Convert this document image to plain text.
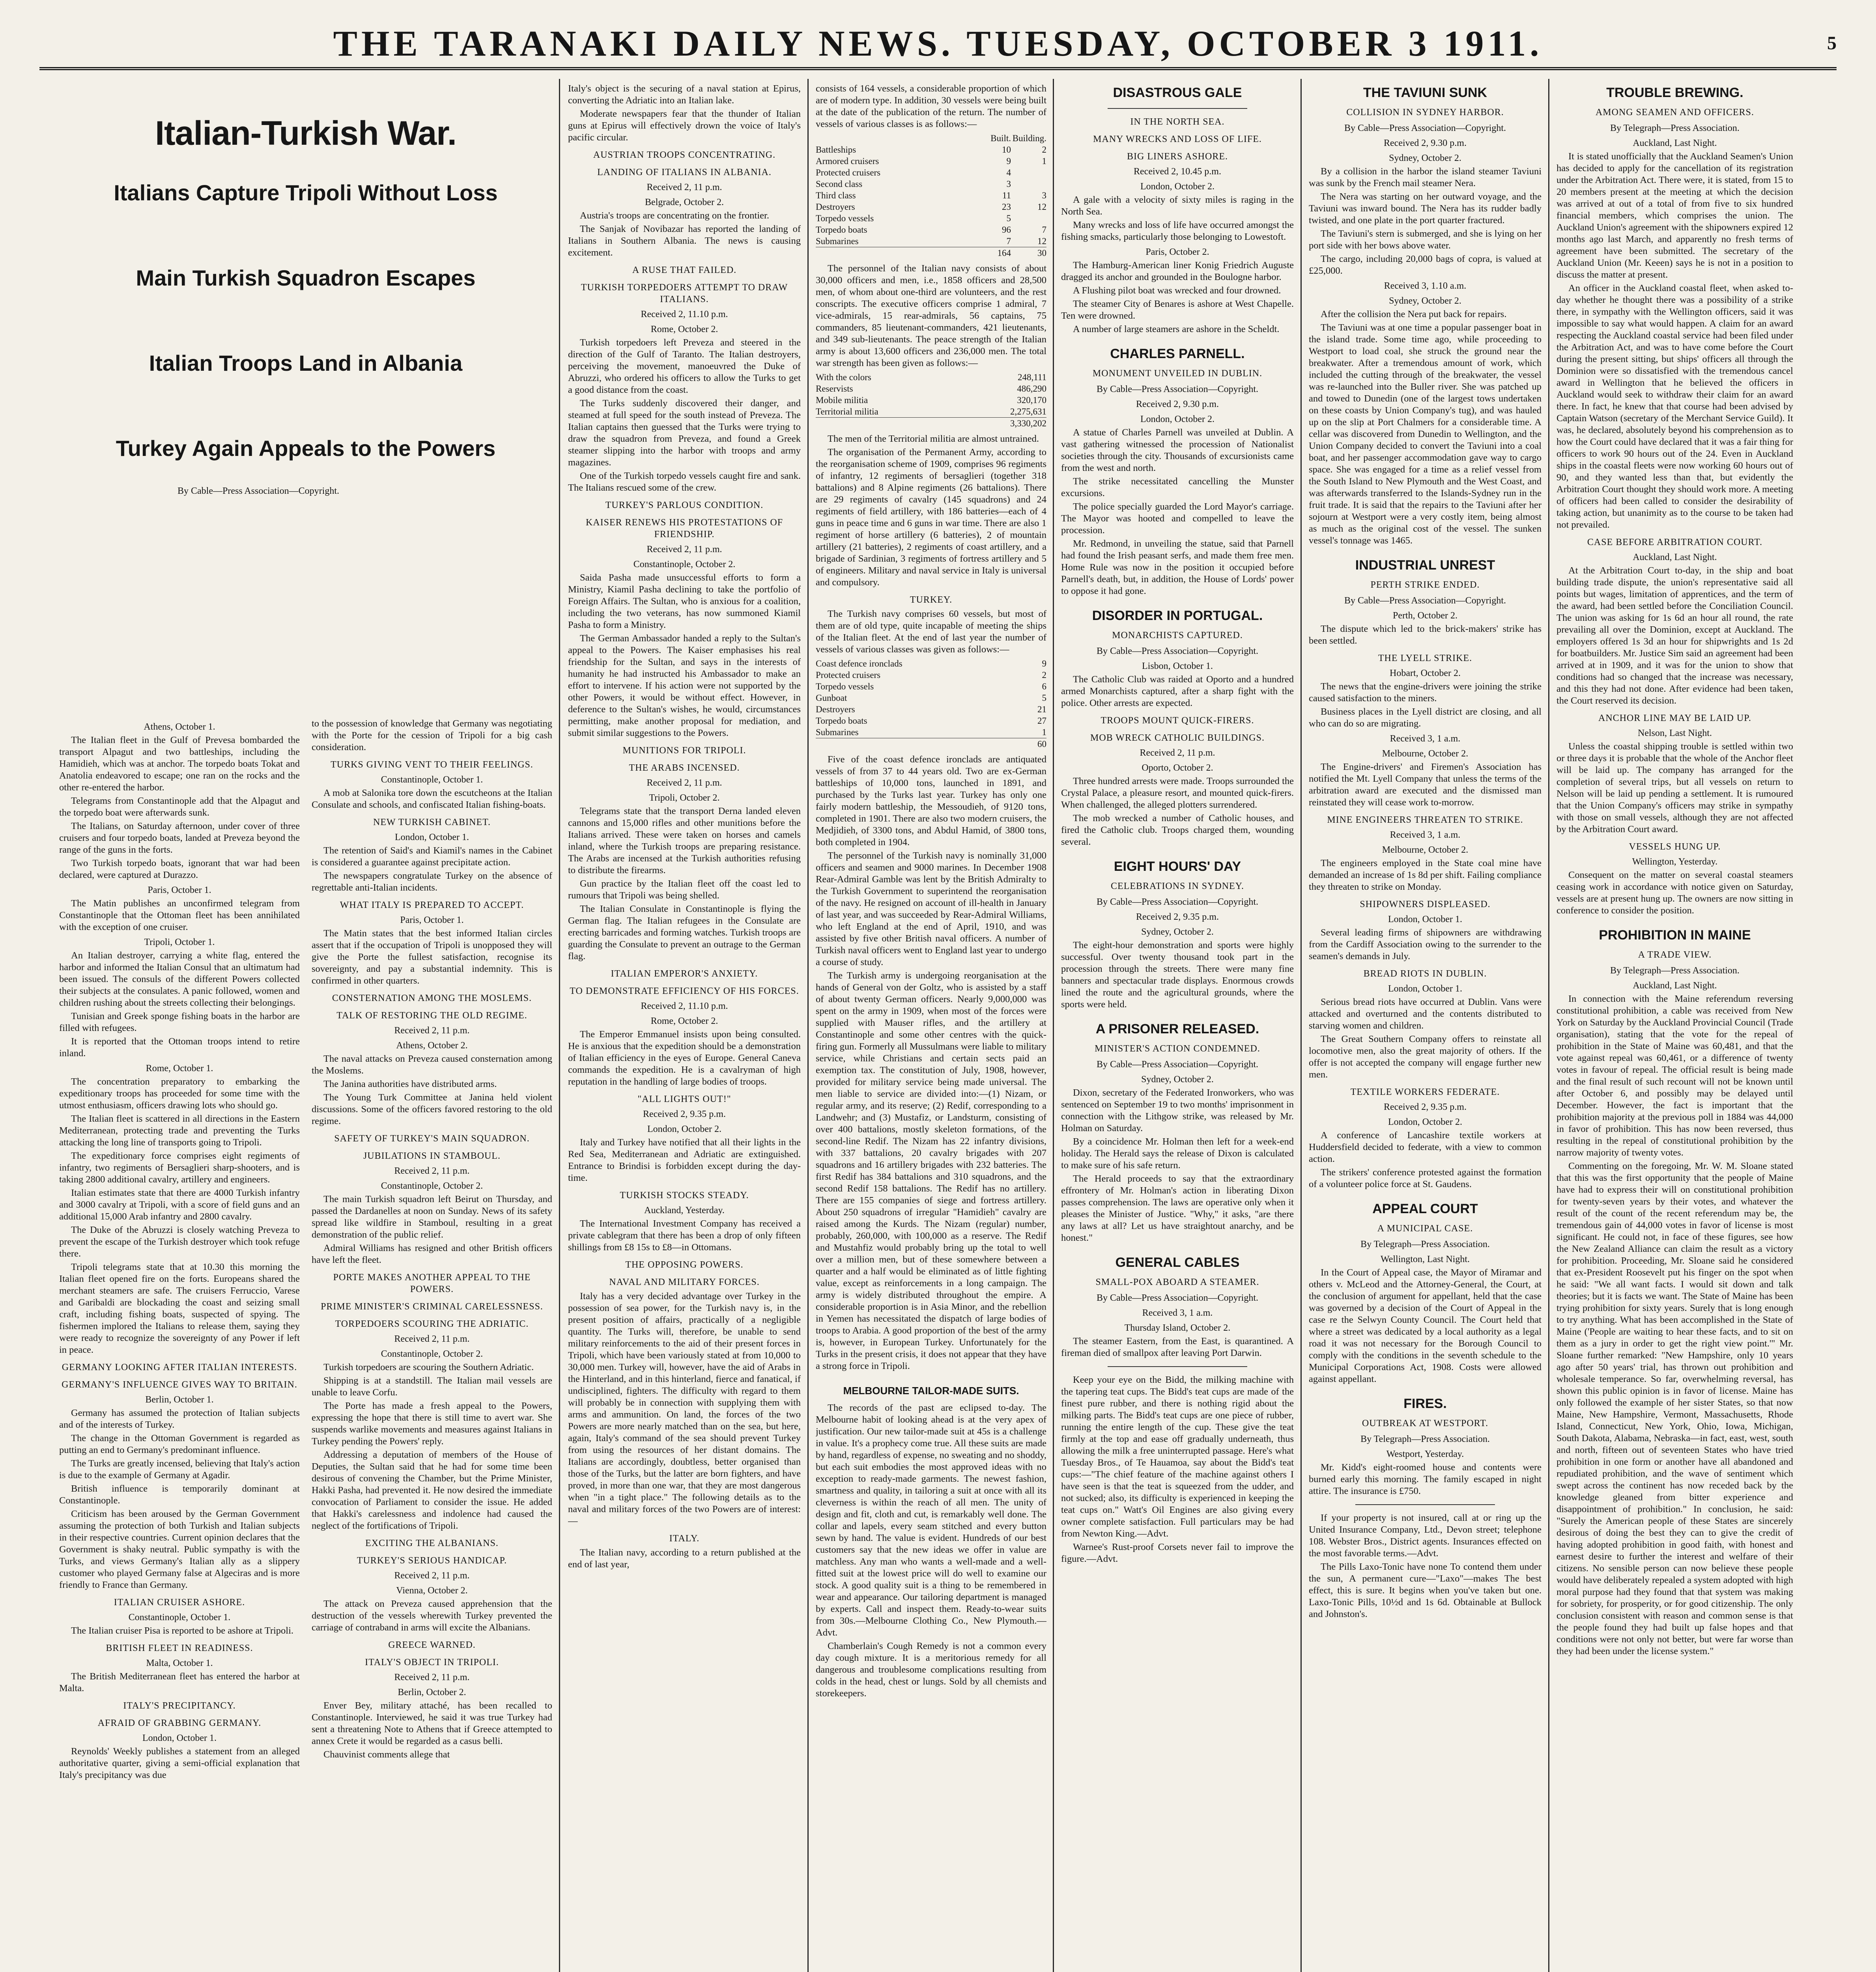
THE TARANAKI DAILY NEWS. TUESDAY, OCTOBER 3 1911.	5
Italian-Turkish War.
Italians Capture Tripoli Without Loss
Main Turkish Squadron Escapes
Italian Troops Land in Albania
Turkey Again Appeals to the Powers
By Cable—Press Association—Copyright.

Athens, October 1.

The Italian fleet in the Gulf of Prevesa bombarded the transport Alpagut and two battleships, including the Hamidieh, which was at anchor. The torpedo boats Tokat and Anatolia endeavored to escape; one ran on the rocks and the other re-entered the harbor.

Telegrams from Constantinople add that the Alpagut and the torpedo boat were afterwards sunk.

The Italians, on Saturday afternoon, under cover of three cruisers and four torpedo boats, landed at Preveza beyond the range of the guns in the forts.

Two Turkish torpedo boats, ignorant that war had been declared, were captured at Durazzo.

Paris, October 1.

The Matin publishes an unconfirmed telegram from Constantinople that the Ottoman fleet has been annihilated with the exception of one cruiser.

Tripoli, October 1.

An Italian destroyer, carrying a white flag, entered the harbor and informed the Italian Consul that an ultimatum had been issued. The consuls of the different Powers collected their subjects at the consulates. A panic followed, women and children rushing about the streets collecting their belongings.

Tunisian and Greek sponge fishing boats in the harbor are filled with refugees.

It is reported that the Ottoman troops intend to retire inland.

Rome, October 1.

The concentration preparatory to embarking the expeditionary troops has proceeded for some time with the utmost enthusiasm, officers drawing lots who should go.

The Italian fleet is scattered in all directions in the Eastern Mediterranean, protecting trade and preventing the Turks attacking the long line of transports going to Tripoli.

The expeditionary force comprises eight regiments of infantry, two regiments of Bersaglieri sharp-shooters, and is taking 2800 additional cavalry, artillery and engineers.

Italian estimates state that there are 4000 Turkish infantry and 3000 cavalry at Tripoli, with a score of field guns and an additional 15,000 Arab infantry and 2800 cavalry.

The Duke of the Abruzzi is closely watching Preveza to prevent the escape of the Turkish destroyer which took refuge there.

Tripoli telegrams state that at 10.30 this morning the Italian fleet opened fire on the forts. Europeans shared the merchant steamers are safe. The cruisers Ferruccio, Varese and Garibaldi are blockading the coast and seizing small craft, including fishing boats, suspected of spying. The fishermen implored the Italians to release them, saying they were ready to recognize the sovereignty of any Power if left in peace.

GERMANY LOOKING AFTER ITALIAN INTERESTS.

GERMANY'S INFLUENCE GIVES WAY TO BRITAIN.

Berlin, October 1.

Germany has assumed the protection of Italian subjects and of the interests of Turkey.

The change in the Ottoman Government is regarded as putting an end to Germany's predominant influence.

The Turks are greatly incensed, believing that Italy's action is due to the example of Germany at Agadir.

British influence is temporarily dominant at Constantinople.

Criticism has been aroused by the German Government assuming the protection of both Turkish and Italian subjects in their respective countries. Current opinion declares that the Government is shaky neutral. Public sympathy is with the Turks, and views Germany's Italian ally as a slippery customer who played Germany false at Algeciras and is more friendly to France than Germany.

ITALIAN CRUISER ASHORE.

Constantinople, October 1.

The Italian cruiser Pisa is reported to be ashore at Tripoli.

BRITISH FLEET IN READINESS.

Malta, October 1.

The British Mediterranean fleet has entered the harbor at Malta.

ITALY'S PRECIPITANCY.

AFRAID OF GRABBING GERMANY.

London, October 1.

Reynolds' Weekly publishes a statement from an alleged authoritative quarter, giving a semi-official explanation that Italy's precipitancy was due

to the possession of knowledge that Germany was negotiating with the Porte for the cession of Tripoli for a big cash consideration.

TURKS GIVING VENT TO THEIR FEELINGS.

Constantinople, October 1.

A mob at Salonika tore down the escutcheons at the Italian Consulate and schools, and confiscated Italian fishing-boats.

NEW TURKISH CABINET.

London, October 1.

The retention of Said's and Kiamil's names in the Cabinet is considered a guarantee against precipitate action.

The newspapers congratulate Turkey on the absence of regrettable anti-Italian incidents.

WHAT ITALY IS PREPARED TO ACCEPT.

Paris, October 1.

The Matin states that the best informed Italian circles assert that if the occupation of Tripoli is unopposed they will give the Porte the fullest satisfaction, recognise its sovereignty, and pay a substantial indemnity. This is confirmed in other quarters.

CONSTERNATION AMONG THE MOSLEMS.

TALK OF RESTORING THE OLD REGIME.

Received 2, 11 p.m.

Athens, October 2.

The naval attacks on Preveza caused consternation among the Moslems.

The Janina authorities have distributed arms.

The Young Turk Committee at Janina held violent discussions. Some of the officers favored restoring to the old regime.

SAFETY OF TURKEY'S MAIN SQUADRON.

JUBILATIONS IN STAMBOUL.

Received 2, 11 p.m.

Constantinople, October 2.

The main Turkish squadron left Beirut on Thursday, and passed the Dardanelles at noon on Sunday. News of its safety spread like wildfire in Stamboul, resulting in a great demonstration of the public relief.

Admiral Williams has resigned and other British officers have left the fleet.

PORTE MAKES ANOTHER APPEAL TO THE POWERS.

PRIME MINISTER'S CRIMINAL CARELESSNESS.

TORPEDOERS SCOURING THE ADRIATIC.

Received 2, 11 p.m.

Constantinople, October 2.

Turkish torpedoers are scouring the Southern Adriatic.

Shipping is at a standstill. The Italian mail vessels are unable to leave Corfu.

The Porte has made a fresh appeal to the Powers, expressing the hope that there is still time to avert war. She suspends warlike movements and measures against Italians in Turkey pending the Powers' reply.

Addressing a deputation of members of the House of Deputies, the Sultan said that he had for some time been desirous of convening the Chamber, but the Prime Minister, Hakki Pasha, had prevented it. He now desired the immediate convocation of Parliament to consider the issue. He added that Hakki's carelessness and indolence had caused the neglect of the fortifications of Tripoli.

EXCITING THE ALBANIANS.

TURKEY'S SERIOUS HANDICAP.

Received 2, 11 p.m.

Vienna, October 2.

The attack on Preveza caused apprehension that the destruction of the vessels wherewith Turkey prevented the carriage of contraband in arms will excite the Albanians.

GREECE WARNED.

ITALY'S OBJECT IN TRIPOLI.

Received 2, 11 p.m.

Berlin, October 2.

Enver Bey, military attaché, has been recalled to Constantinople. Interviewed, he said it was true Turkey had sent a threatening Note to Athens that if Greece attempted to annex Crete it would be regarded as a casus belli.

Chauvinist comments allege that

Italy's object is the securing of a naval station at Epirus, converting the Adriatic into an Italian lake.

Moderate newspapers fear that the thunder of Italian guns at Epirus will effectively drown the voice of Italy's pacific circular.

AUSTRIAN TROOPS CONCENTRATING.

LANDING OF ITALIANS IN ALBANIA.

Received 2, 11 p.m.

Belgrade, October 2.

Austria's troops are concentrating on the frontier.

The Sanjak of Novibazar has reported the landing of Italians in Southern Albania. The news is causing excitement.

A RUSE THAT FAILED.

TURKISH TORPEDOERS ATTEMPT TO DRAW ITALIANS.

Received 2, 11.10 p.m.

Rome, October 2.

Turkish torpedoers left Preveza and steered in the direction of the Gulf of Taranto. The Italian destroyers, perceiving the movement, manoeuvred the Duke of Abruzzi, who ordered his officers to allow the Turks to get a good distance from the coast.

The Turks suddenly discovered their danger, and steamed at full speed for the south instead of Preveza. The Italian captains then guessed that the Turks were trying to draw the squadron from Preveza, and found a Greek steamer slipping into the harbor with troops and army magazines.

One of the Turkish torpedo vessels caught fire and sank. The Italians rescued some of the crew.

TURKEY'S PARLOUS CONDITION.

KAISER RENEWS HIS PROTESTATIONS OF FRIENDSHIP.

Received 2, 11 p.m.

Constantinople, October 2.

Saida Pasha made unsuccessful efforts to form a Ministry, Kiamil Pasha declining to take the portfolio of Foreign Affairs. The Sultan, who is anxious for a coalition, including the two veterans, has now summoned Kiamil Pasha to form a Ministry.

The German Ambassador handed a reply to the Sultan's appeal to the Powers. The Kaiser emphasises his real friendship for the Sultan, and says in the interests of humanity he had instructed his Ambassador to make an effort to intervene. If his action were not supported by the other Powers, it would be without effect. However, in deference to the Sultan's wishes, he would, circumstances permitting, make another proposal for mediation, and submit similar suggestions to the Powers.

MUNITIONS FOR TRIPOLI.

THE ARABS INCENSED.

Received 2, 11 p.m.

Tripoli, October 2.

Telegrams state that the transport Derna landed eleven cannons and 15,000 rifles and other munitions before the Italians arrived. These were taken on horses and camels inland, where the Turkish troops are preparing resistance. The Arabs are incensed at the Turkish authorities refusing to distribute the firearms.

Gun practice by the Italian fleet off the coast led to rumours that Tripoli was being shelled.

The Italian Consulate in Constantinople is flying the German flag. The Italian refugees in the Consulate are erecting barricades and forming watches. Turkish troops are guarding the Consulate to prevent an outrage to the German flag.

ITALIAN EMPEROR'S ANXIETY.

TO DEMONSTRATE EFFICIENCY OF HIS FORCES.

Received 2, 11.10 p.m.

Rome, October 2.

The Emperor Emmanuel insists upon being consulted. He is anxious that the expedition should be a demonstration of Italian efficiency in the eyes of Europe. General Caneva commands the expedition. He is a cavalryman of high reputation in the handling of large bodies of troops.

"ALL LIGHTS OUT!"

Received 2, 9.35 p.m.

London, October 2.

Italy and Turkey have notified that all their lights in the Red Sea, Mediterranean and Adriatic are extinguished. Entrance to Brindisi is forbidden except during the day-time.

TURKISH STOCKS STEADY.

Auckland, Yesterday.

The International Investment Company has received a private cablegram that there has been a drop of only fifteen shillings from £8 15s to £8—in Ottomans.

THE OPPOSING POWERS.

NAVAL AND MILITARY FORCES.

Italy has a very decided advantage over Turkey in the possession of sea power, for the Turkish navy is, in the present position of affairs, practically of a negligible quantity. The Turks will, therefore, be unable to send military reinforcements to the aid of their present forces in Tripoli, which have been variously stated at from 10,000 to 30,000 men. Turkey will, however, have the aid of Arabs in the Hinterland, and in this hinterland, fierce and fanatical, if undisciplined, fighters. The difficulty with regard to them will probably be in connection with supplying them with arms and ammunition. On land, the forces of the two Powers are more nearly matched than on the sea, but here, again, Italy's command of the sea should prevent Turkey from using the resources of her distant domains. The Italians are accordingly, doubtless, better organised than those of the Turks, but the latter are born fighters, and have proved, in more than one war, that they are most dangerous when "in a tight place." The following details as to the naval and military forces of the two Powers are of interest:—

ITALY.

The Italian navy, according to a return published at the end of last year,

consists of 164 vessels, a considerable proportion of which are of modern type. In addition, 30 vessels were being built at the date of the publication of the return. The number of vessels of various classes is as follows:—

	Built.	Building.
Battleships	10	2
Armored cruisers	9	1
Protected cruisers	4	
Second class	3	
Third class	11	3
Destroyers	23	12
Torpedo vessels	5	
Torpedo boats	96	7
Submarines	7	12
	164	30

The personnel of the Italian navy consists of about 30,000 officers and men, i.e., 1858 officers and 28,500 men, of whom about one-third are volunteers, and the rest conscripts. The executive officers comprise 1 admiral, 7 vice-admirals, 15 rear-admirals, 56 captains, 75 commanders, 85 lieutenant-commanders, 421 lieutenants, and 349 sub-lieutenants. The peace strength of the Italian army is about 13,600 officers and 236,000 men. The total war strength has been given as follows:—

With the colors	248,111
Reservists	486,290
Mobile militia	320,170
Territorial militia	2,275,631
	3,330,202

The men of the Territorial militia are almost untrained.

The organisation of the Permanent Army, according to the reorganisation scheme of 1909, comprises 96 regiments of infantry, 12 regiments of bersaglieri (together 318 battalions) and 8 Alpine regiments (26 battalions). There are 29 regiments of cavalry (145 squadrons) and 24 regiments of field artillery, with 186 batteries—each of 4 guns in peace time and 6 guns in war time. There are also 1 regiment of horse artillery (6 batteries), 2 of mountain artillery (21 batteries), 2 regiments of coast artillery, and a brigade of Sardinian, 3 regiments of fortress artillery and 5 of engineers. Military and naval service in Italy is universal and compulsory.

TURKEY.

The Turkish navy comprises 60 vessels, but most of them are of old type, quite incapable of meeting the ships of the Italian fleet. At the end of last year the number of vessels of various classes was given as follows:—

Coast defence ironclads	9
Protected cruisers	2
Torpedo vessels	6
Gunboat	5
Destroyers	21
Torpedo boats	27
Submarines	1
	60

Five of the coast defence ironclads are antiquated vessels of from 37 to 44 years old. Two are ex-German battleships of 10,000 tons, launched in 1891, and purchased by the Turks last year. Turkey has only one fairly modern battleship, the Messoudieh, of 9120 tons, completed in 1901. There are also two modern cruisers, the Medjidieh, of 3300 tons, and Abdul Hamid, of 3800 tons, both completed in 1904.

The personnel of the Turkish navy is nominally 31,000 officers and seamen and 9000 marines. In December 1908 Rear-Admiral Gamble was lent by the British Admiralty to the Turkish Government to superintend the reorganisation of the navy. He resigned on account of ill-health in January of last year, and was succeeded by Rear-Admiral Williams, who left England at the end of April, 1910, and was assisted by five other British naval officers. A number of Turkish naval officers went to England last year to undergo a course of study.

The Turkish army is undergoing reorganisation at the hands of General von der Goltz, who is assisted by a staff of about twenty German officers. Nearly 9,000,000 was spent on the army in 1909, when most of the forces were supplied with Mauser rifles, and the artillery at Constantinople and some other centres with the quick-firing gun. Formerly all Mussulmans were liable to military service, while Christians and certain sects paid an exemption tax. The constitution of July, 1908, however, provided for military service being made universal. The men liable to service are divided into:—(1) Nizam, or regular army, and its reserve; (2) Redif, corresponding to a Landwehr; and (3) Mustafiz, or Landsturm, consisting of over 400 battalions, mostly skeleton formations, of the second-line Redif. The Nizam has 22 infantry divisions, with 337 battalions, 20 cavalry brigades with 207 squadrons and 16 artillery brigades with 232 batteries. The first Redif has 384 battalions and 310 squadrons, and the second Redif 158 battalions. The Redif has no artillery. There are 155 companies of siege and fortress artillery. About 250 squadrons of irregular "Hamidieh" cavalry are raised among the Kurds. The Nizam (regular) number, probably, 260,000, with 100,000 as a reserve. The Redif and Mustahfiz would probably bring up the total to well over a million men, but of these somewhere between a quarter and a half would be eliminated as of little fighting value, except as reinforcements in a long campaign. The army is widely distributed throughout the empire. A considerable proportion is in Asia Minor, and the rebellion in Yemen has necessitated the dispatch of large bodies of troops to Arabia. A good proportion of the best of the army is, however, in European Turkey. Unfortunately for the Turks in the present crisis, it does not appear that they have a strong force in Tripoli.

MELBOURNE TAILOR-MADE SUITS.

The records of the past are eclipsed to-day. The Melbourne habit of looking ahead is at the very apex of justification. Our new tailor-made suit at 45s is a challenge in value. It's a prophecy come true. All these suits are made by hand, regardless of expense, no sweating and no shoddy, but each suit embodies the most approved ideas with no exception to ready-made garments. The newest fashion, smartness and quality, in tailoring a suit at once with all its cleverness is within the reach of all men. The unity of design and fit, cloth and cut, is remarkably well done. The collar and lapels, every seam stitched and every button sewn by hand. The value is evident. Hundreds of our best customers say that the new ideas we offer in value are matchless. Any man who wants a well-made and a well-fitted suit at the lowest price will do well to examine our stock. A good quality suit is a thing to be remembered in wear and appearance. Our tailoring department is managed by experts. Call and inspect them. Ready-to-wear suits from 30s.—Melbourne Clothing Co., New Plymouth.—Advt.

Chamberlain's Cough Remedy is not a common every day cough mixture. It is a meritorious remedy for all dangerous and troublesome complications resulting from colds in the head, chest or lungs. Sold by all chemists and storekeepers.

DISASTROUS GALE

IN THE NORTH SEA.

MANY WRECKS AND LOSS OF LIFE.

BIG LINERS ASHORE.

Received 2, 10.45 p.m.

London, October 2.

A gale with a velocity of sixty miles is raging in the North Sea.

Many wrecks and loss of life have occurred amongst the fishing smacks, particularly those belonging to Lowestoft.

Paris, October 2.

The Hamburg-American liner Konig Friedrich Auguste dragged its anchor and grounded in the Boulogne harbor.

A Flushing pilot boat was wrecked and four drowned.

The steamer City of Benares is ashore at West Chapelle. Ten were drowned.

A number of large steamers are ashore in the Scheldt.

CHARLES PARNELL.

MONUMENT UNVEILED IN DUBLIN.

By Cable—Press Association—Copyright.

Received 2, 9.30 p.m.

London, October 2.

A statue of Charles Parnell was unveiled at Dublin. A vast gathering witnessed the procession of Nationalist societies through the city. Thousands of excursionists came from the west and north.

The strike necessitated cancelling the Munster excursions.

The police specially guarded the Lord Mayor's carriage. The Mayor was hooted and compelled to leave the procession.

Mr. Redmond, in unveiling the statue, said that Parnell had found the Irish peasant serfs, and made them free men. Home Rule was now in the position it occupied before Parnell's death, but, in addition, the House of Lords' power to oppose it had gone.

DISORDER IN PORTUGAL.

MONARCHISTS CAPTURED.

By Cable—Press Association—Copyright.

Lisbon, October 1.

The Catholic Club was raided at Oporto and a hundred armed Monarchists captured, after a sharp fight with the police. Other arrests are expected.

TROOPS MOUNT QUICK-FIRERS.

MOB WRECK CATHOLIC BUILDINGS.

Received 2, 11 p.m.

Oporto, October 2.

Three hundred arrests were made. Troops surrounded the Crystal Palace, a pleasure resort, and mounted quick-firers. When challenged, the alleged plotters surrendered.

The mob wrecked a number of Catholic houses, and fired the Catholic club. Troops charged them, wounding several.

EIGHT HOURS' DAY

CELEBRATIONS IN SYDNEY.

By Cable—Press Association—Copyright.

Received 2, 9.35 p.m.

Sydney, October 2.

The eight-hour demonstration and sports were highly successful. Over twenty thousand took part in the procession through the streets. There were many fine banners and spectacular trade displays. Enormous crowds lined the route and the agricultural grounds, where the sports were held.

A PRISONER RELEASED.

MINISTER'S ACTION CONDEMNED.

By Cable—Press Association—Copyright.

Sydney, October 2.

Dixon, secretary of the Federated Ironworkers, who was sentenced on September 19 to two months' imprisonment in connection with the Lithgow strike, was released by Mr. Holman on Saturday.

By a coincidence Mr. Holman then left for a week-end holiday. The Herald says the release of Dixon is calculated to make sure of his safe return.

The Herald proceeds to say that the extraordinary effrontery of Mr. Holman's action in liberating Dixon passes comprehension. The laws are operative only when it pleases the Minister of Justice. "Why," it asks, "are there any laws at all? Let us have straightout anarchy, and be honest."

GENERAL CABLES

SMALL-POX ABOARD A STEAMER.

By Cable—Press Association—Copyright.

Received 3, 1 a.m.

Thursday Island, October 2.

The steamer Eastern, from the East, is quarantined. A fireman died of smallpox after leaving Port Darwin.

Keep your eye on the Bidd, the milking machine with the tapering teat cups. The Bidd's teat cups are made of the finest pure rubber, and there is nothing rigid about the milking parts. The Bidd's teat cups are one piece of rubber, running the entire length of the cup. These give the teat firmly at the top and ease off gradually underneath, thus allowing the milk a free uninterrupted passage. Here's what Tuesday Bros., of Te Hauamoa, say about the Bidd's teat cups:—"The chief feature of the machine against others I have seen is that the teat is squeezed from the udder, and not sucked; also, its difficulty is experienced in keeping the teat cups on." Watt's Oil Engines are also giving every owner complete satisfaction. Full particulars may be had from Newton King.—Advt.

Warnee's Rust-proof Corsets never fail to improve the figure.—Advt.

THE TAVIUNI SUNK

COLLISION IN SYDNEY HARBOR.

By Cable—Press Association—Copyright.

Received 2, 9.30 p.m.

Sydney, October 2.

By a collision in the harbor the island steamer Taviuni was sunk by the French mail steamer Nera.

The Nera was starting on her outward voyage, and the Taviuni was inward bound. The Nera has its rudder badly twisted, and one plate in the port quarter fractured.

The Taviuni's stern is submerged, and she is lying on her port side with her bows above water.

The cargo, including 20,000 bags of copra, is valued at £25,000.

Received 3, 1.10 a.m.

Sydney, October 2.

After the collision the Nera put back for repairs.

The Taviuni was at one time a popular passenger boat in the island trade. Some time ago, while proceeding to Westport to load coal, she struck the ground near the breakwater. After a tremendous amount of work, which included the cutting through of the breakwater, the vessel was re-launched into the Buller river. She was patched up and towed to Dunedin (one of the largest tows undertaken on these coasts by Union Company's tug), and was hauled up on the slip at Port Chalmers for a considerable time. A cellar was discovered from Dunedin to Wellington, and the Union Company decided to convert the Taviuni into a coal boat, and her passenger accommodation gave way to cargo space. She was engaged for a time as a relief vessel from the South Island to New Plymouth and the West Coast, and was afterwards transferred to the Islands-Sydney run in the fruit trade. It is said that the repairs to the Taviuni after her sojourn at Westport were a very costly item, being almost as much as the original cost of the vessel. The sunken vessel's tonnage was 1465.

INDUSTRIAL UNREST

PERTH STRIKE ENDED.

By Cable—Press Association—Copyright.

Perth, October 2.

The dispute which led to the brick-makers' strike has been settled.

THE LYELL STRIKE.

Hobart, October 2.

The news that the engine-drivers were joining the strike caused satisfaction to the miners.

Business places in the Lyell district are closing, and all who can do so are migrating.

Received 3, 1 a.m.

Melbourne, October 2.

The Engine-drivers' and Firemen's Association has notified the Mt. Lyell Company that unless the terms of the arbitration award are executed and the dismissed man reinstated they will cease work to-morrow.

MINE ENGINEERS THREATEN TO STRIKE.

Received 3, 1 a.m.

Melbourne, October 2.

The engineers employed in the State coal mine have demanded an increase of 1s 8d per shift. Failing compliance they threaten to strike on Monday.

SHIPOWNERS DISPLEASED.

London, October 1.

Several leading firms of shipowners are withdrawing from the Cardiff Association owing to the surrender to the seamen's demands in July.

BREAD RIOTS IN DUBLIN.

London, October 1.

Serious bread riots have occurred at Dublin. Vans were attacked and overturned and the contents distributed to starving women and children.

The Great Southern Company offers to reinstate all locomotive men, also the great majority of others. If the offer is not accepted the company will engage further new men.

TEXTILE WORKERS FEDERATE.

Received 2, 9.35 p.m.

London, October 2.

A conference of Lancashire textile workers at Huddersfield decided to federate, with a view to common action.

The strikers' conference protested against the formation of a volunteer police force at St. Gaudens.

APPEAL COURT

A MUNICIPAL CASE.

By Telegraph—Press Association.

Wellington, Last Night.

In the Court of Appeal case, the Mayor of Miramar and others v. McLeod and the Attorney-General, the Court, at the conclusion of argument for appellant, held that the case was governed by a decision of the Court of Appeal in the case re the Selwyn County Council. The Court held that where a street was dedicated by a local authority as a legal road it was not necessary for the Borough Council to comply with the conditions in the seventh schedule to the Municipal Corporations Act, 1908. Costs were allowed against appellant.

FIRES.

OUTBREAK AT WESTPORT.

By Telegraph—Press Association.

Westport, Yesterday.

Mr. Kidd's eight-roomed house and contents were burned early this morning. The family escaped in night attire. The insurance is £750.

If your property is not insured, call at or ring up the United Insurance Company, Ltd., Devon street; telephone 108. Webster Bros., District agents. Insurances effected on the most favorable terms.—Advt.

The Pills Laxo-Tonic have none To contend them under the sun, A permanent cure—"Laxo"—makes The best effect, this is sure. It begins when you've taken but one. Laxo-Tonic Pills, 10½d and 1s 6d. Obtainable at Bullock and Johnston's.

TROUBLE BREWING.

AMONG SEAMEN AND OFFICERS.

By Telegraph—Press Association.

Auckland, Last Night.

It is stated unofficially that the Auckland Seamen's Union has decided to apply for the cancellation of its registration under the Arbitration Act. There were, it is stated, from 15 to 20 members present at the meeting at which the decision was arrived at out of a total of from five to six hundred financial members, which comprises the union. The Auckland Union's agreement with the shipowners expired 12 months ago last March, and apparently no fresh terms of agreement have been submitted. The secretary of the Auckland Union (Mr. Keeen) says he is not in a position to discuss the matter at present.

An officer in the Auckland coastal fleet, when asked to-day whether he thought there was a possibility of a strike there, in sympathy with the Wellington officers, said it was impossible to say what would happen. A claim for an award respecting the Auckland coastal service had been filed under the Arbitration Act, and was to have come before the Court during the present sitting, but ships' officers all through the Dominion were so dissatisfied with the tremendous cancel award in Wellington that he believed the officers in Auckland would seek to withdraw their claim for an award there. In fact, he knew that that course had been advised by Captain Watson (secretary of the Merchant Service Guild). It was, he declared, absolutely beyond his comprehension as to how the Court could have declared that it was a fair thing for officers to work 90 hours out of the 24. Even in Auckland ships in the coastal fleets were now working 60 hours out of 90, and they wanted less than that, but evidently the Arbitration Court thought they should work more. A meeting of officers had been called to consider the desirability of taking action, but unanimity as to the course to be taken had not prevailed.

CASE BEFORE ARBITRATION COURT.

Auckland, Last Night.

At the Arbitration Court to-day, in the ship and boat building trade dispute, the union's representative said all points but wages, limitation of apprentices, and the term of the award, had been settled before the Conciliation Council. The union was asking for 1s 6d an hour all round, the rate prevailing all over the Dominion, except at Auckland. The employers offered 1s 3d an hour for shipwrights and 1s 2d for boatbuilders. Mr. Justice Sim said an agreement had been arrived at in 1909, and it was for the union to show that conditions had so changed that the increase was necessary, and this they had not done. After evidence had been taken, the Court reserved its decision.

ANCHOR LINE MAY BE LAID UP.

Nelson, Last Night.

Unless the coastal shipping trouble is settled within two or three days it is probable that the whole of the Anchor fleet will be laid up. The company has arranged for the completion of several trips, but all vessels on return to Nelson will be laid up pending a settlement. It is rumoured that the Union Company's officers may strike in sympathy with those on small vessels, although they are not affected by the Arbitration Court award.

VESSELS HUNG UP.

Wellington, Yesterday.

Consequent on the matter on several coastal steamers ceasing work in accordance with notice given on Saturday, vessels are at present hung up. The owners are now sitting in conference to consider the position.

PROHIBITION IN MAINE

A TRADE VIEW.

By Telegraph—Press Association.

Auckland, Last Night.

In connection with the Maine referendum reversing constitutional prohibition, a cable was received from New York on Saturday by the Auckland Provincial Council (Trade organisation), stating that the vote for the repeal of prohibition in the State of Maine was 60,481, and that the vote against repeal was 60,461, or a difference of twenty votes in favour of repeal. The official result is being made and the final result of such recount will not be known until after October 6, and possibly may be delayed until December. However, the fact is important that the prohibition majority at the previous poll in 1884 was 44,000 in favor of prohibition. This has now been reversed, thus resulting in the repeal of constitutional prohibition by the narrow majority of twenty votes.

Commenting on the foregoing, Mr. W. M. Sloane stated that this was the first opportunity that the people of Maine have had to express their will on constitutional prohibition for twenty-seven years by their votes, and whatever the result of the count of the recent referendum may be, the tremendous gain of 44,000 votes in favor of license is most significant. He could not, in face of these figures, see how the New Zealand Alliance can claim the result as a victory for prohibition. Proceeding, Mr. Sloane said he considered that ex-President Roosevelt put his finger on the spot when he said: "We all want facts. I would sit down and talk theories; but it is facts we want. The State of Maine has been trying prohibition for sixty years. Surely that is long enough to try anything. What has been accomplished in the State of Maine ('People are waiting to hear these facts, and to sit on them as a jury in order to get the right view point.'" Mr. Sloane further remarked: "New Hampshire, only 10 years ago after 50 years' trial, has thrown out prohibition and wholesale temperance. So far, overwhelming reversal, has shown this public opinion is in favor of license. Maine has only followed the example of her sister States, so that now Maine, New Hampshire, Vermont, Massachusetts, Rhode Island, Connecticut, New York, Ohio, Iowa, Michigan, South Dakota, Alabama, Nebraska—in fact, east, west, south and north, fifteen out of seventeen States who have tried prohibition in one form or another have all abandoned and repudiated prohibition, and the wave of sentiment which swept across the continent has now receded back by the knowledge gleaned from bitter experience and disappointment of prohibition." In conclusion, he said: "Surely the American people of these States are sincerely desirous of doing the best they can to give the credit of having adopted prohibition in good faith, with honest and earnest desire to further the interest and welfare of their citizens. No sensible person can now believe these people would have deliberately repealed a system adopted with high moral purpose had they found that that system was making for sobriety, for prosperity, or for good citizenship. The only conclusion consistent with reason and common sense is that the people found they had built up false hopes and that conditions were not only not better, but were far worse than they had been under the license system."
